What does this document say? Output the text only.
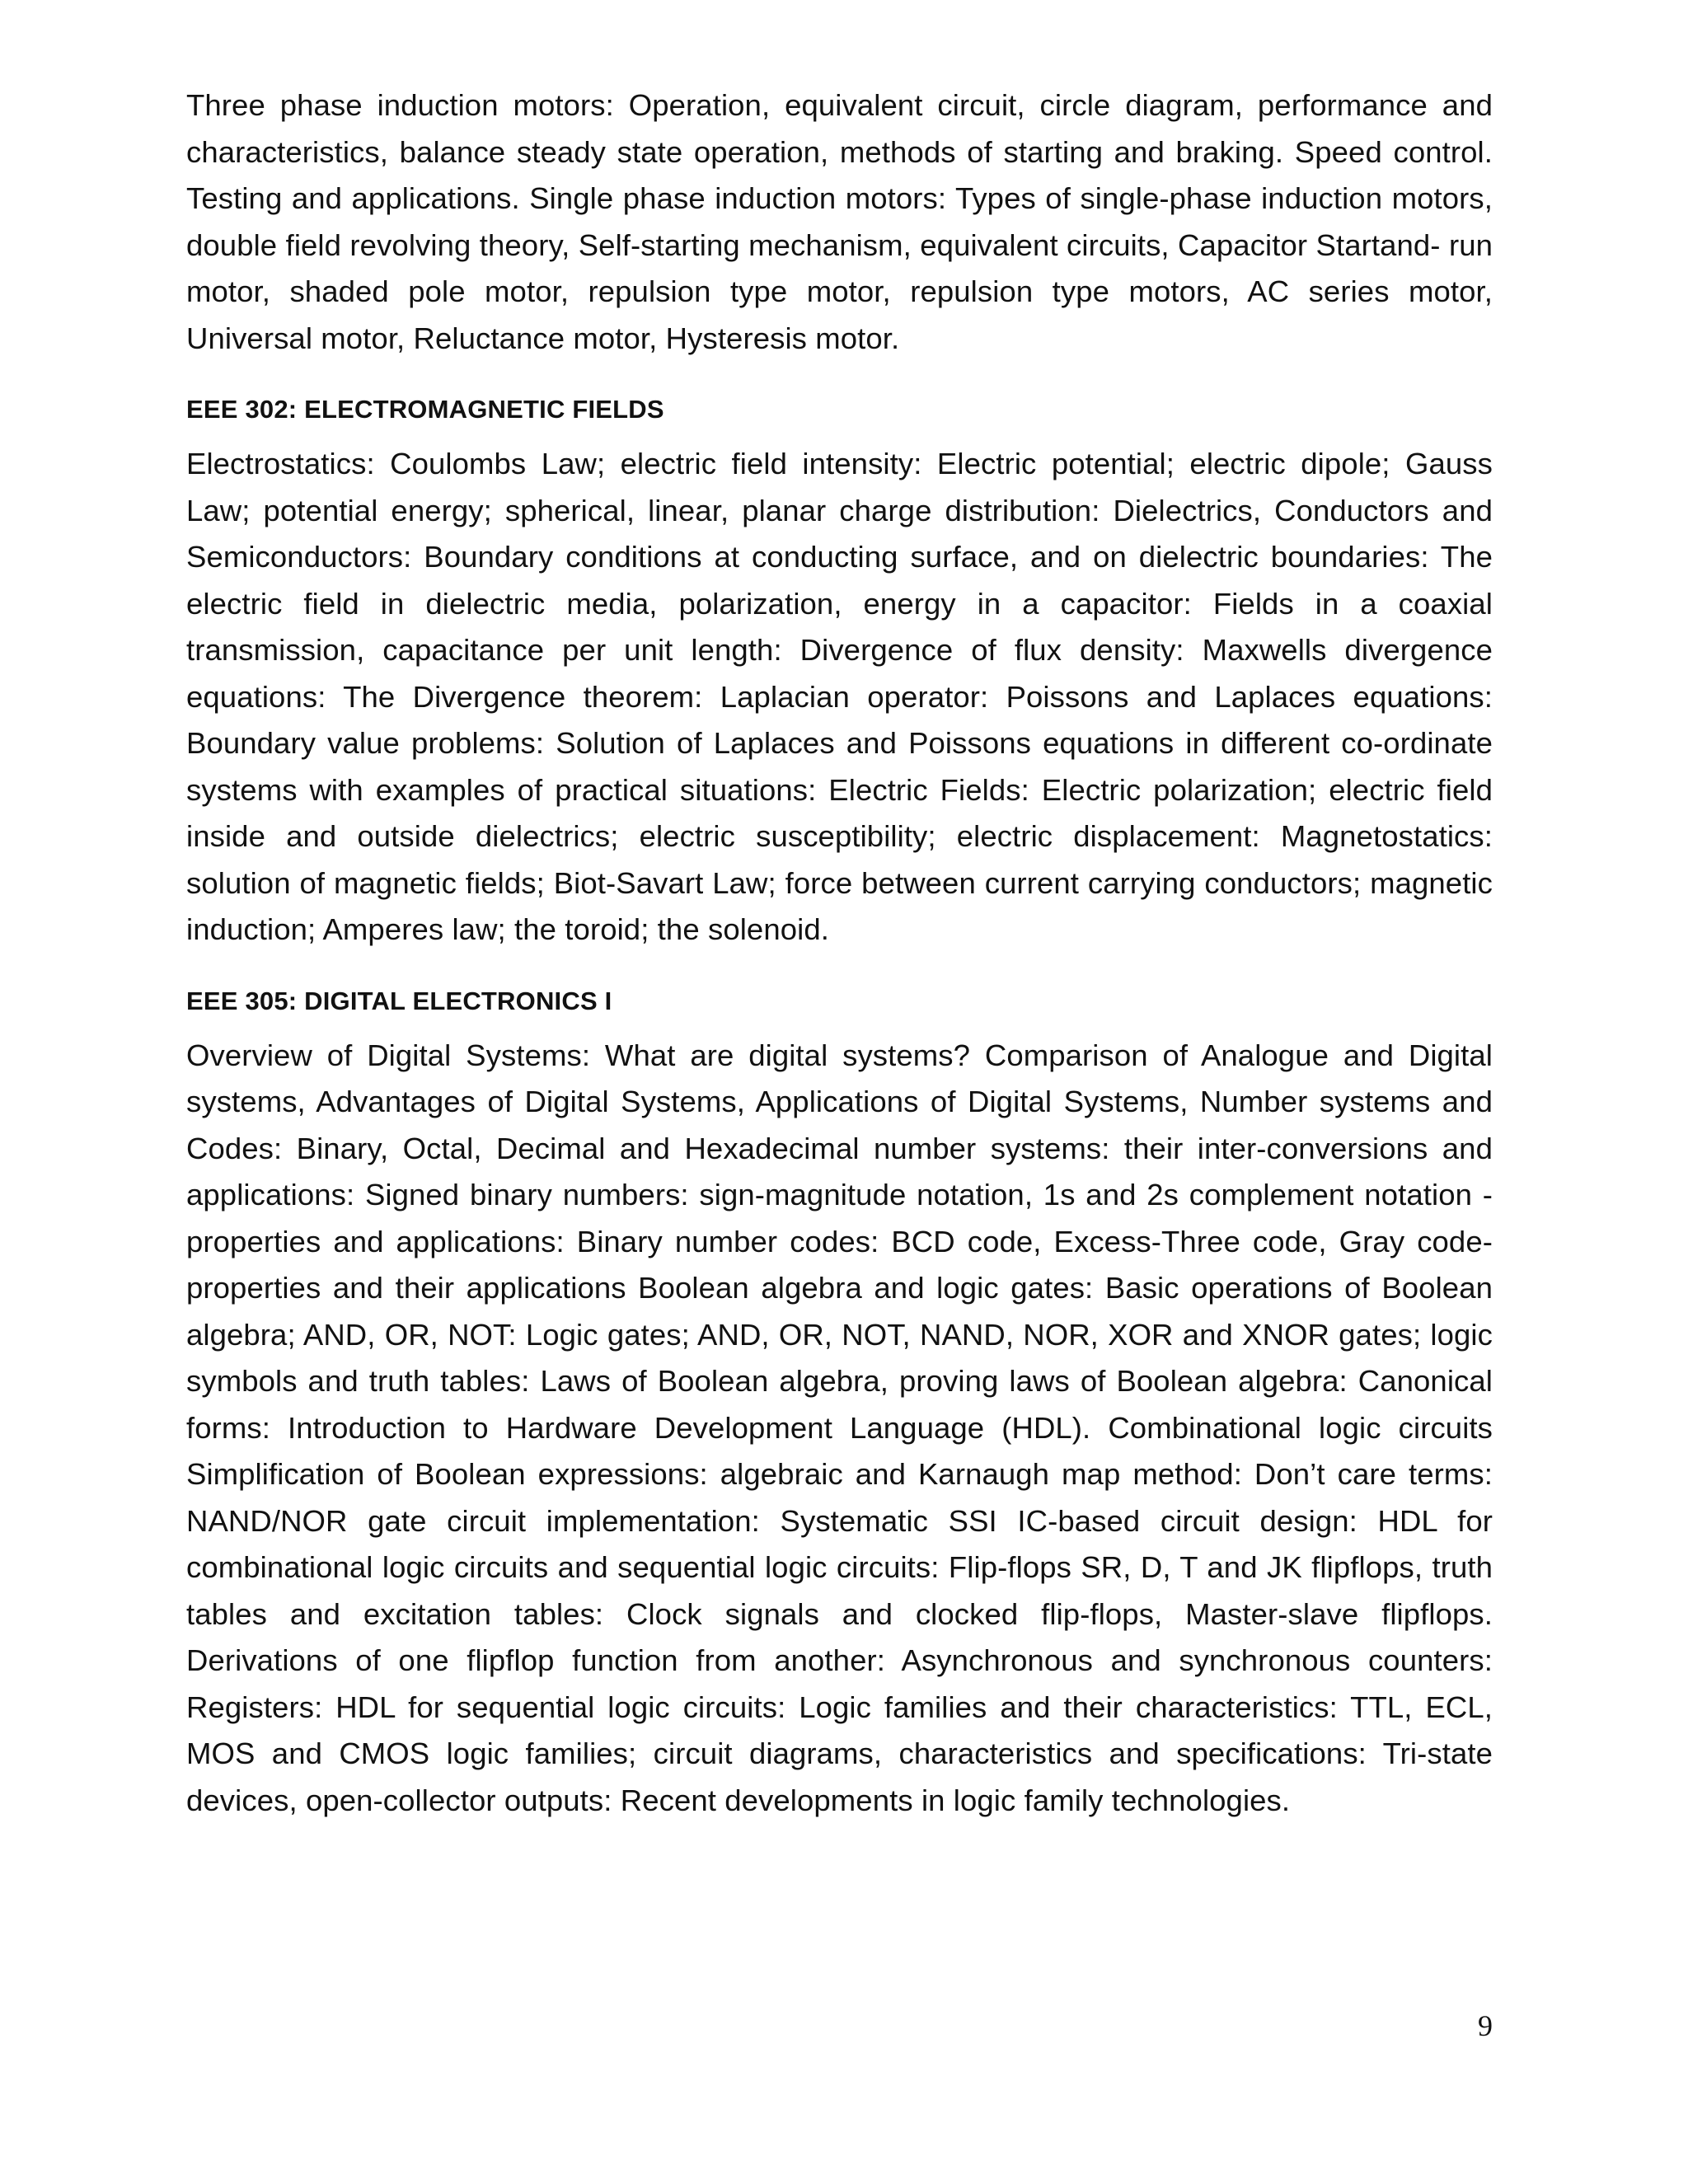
Three phase induction motors: Operation, equivalent circuit, circle diagram, performance and characteristics, balance steady state operation, methods of starting and braking. Speed control. Testing and applications. Single phase induction motors: Types of single-phase induction motors, double field revolving theory, Self-starting mechanism, equivalent circuits, Capacitor Startand- run motor, shaded pole motor, repulsion type motor, repulsion type motors, AC series motor, Universal motor, Reluctance motor, Hysteresis motor.

EEE 302: ELECTROMAGNETIC FIELDS

Electrostatics: Coulombs Law; electric field intensity: Electric potential; electric dipole; Gauss Law; potential energy; spherical, linear, planar charge distribution: Dielectrics, Conductors and Semiconductors: Boundary conditions at conducting surface, and on dielectric boundaries: The electric field in dielectric media, polarization, energy in a capacitor: Fields in a coaxial transmission, capacitance per unit length: Divergence of flux density: Maxwells divergence equations: The Divergence theorem: Laplacian operator: Poissons and Laplaces equations: Boundary value problems: Solution of Laplaces and Poissons equations in different co-ordinate systems with examples of practical situations: Electric Fields: Electric polarization; electric field inside and outside dielectrics; electric susceptibility; electric displacement: Magnetostatics: solution of magnetic fields; Biot-Savart Law; force between current carrying conductors; magnetic induction; Amperes law; the toroid; the solenoid.

EEE 305: DIGITAL ELECTRONICS I

Overview of Digital Systems: What are digital systems? Comparison of Analogue and Digital systems, Advantages of Digital Systems, Applications of Digital Systems, Number systems and Codes: Binary, Octal, Decimal and Hexadecimal number systems: their inter-conversions and applications: Signed binary numbers: sign-magnitude notation, 1s and 2s complement notation - properties and applications: Binary number codes: BCD code, Excess-Three code, Gray code-properties and their applications Boolean algebra and logic gates: Basic operations of Boolean algebra; AND, OR, NOT: Logic gates; AND, OR, NOT, NAND, NOR, XOR and XNOR gates; logic symbols and truth tables: Laws of Boolean algebra, proving laws of Boolean algebra: Canonical forms: Introduction to Hardware Development Language (HDL). Combinational logic circuits Simplification of Boolean expressions: algebraic and Karnaugh map method: Don’t care terms: NAND/NOR gate circuit implementation: Systematic SSI IC-based circuit design: HDL for combinational logic circuits and sequential logic circuits: Flip-flops SR, D, T and JK flipflops, truth tables and excitation tables: Clock signals and clocked flip-flops, Master-slave flipflops. Derivations of one flipflop function from another: Asynchronous and synchronous counters: Registers: HDL for sequential logic circuits: Logic families and their characteristics: TTL, ECL, MOS and CMOS logic families; circuit diagrams, characteristics and specifications: Tri-state devices, open-collector outputs: Recent developments in logic family technologies.

9
